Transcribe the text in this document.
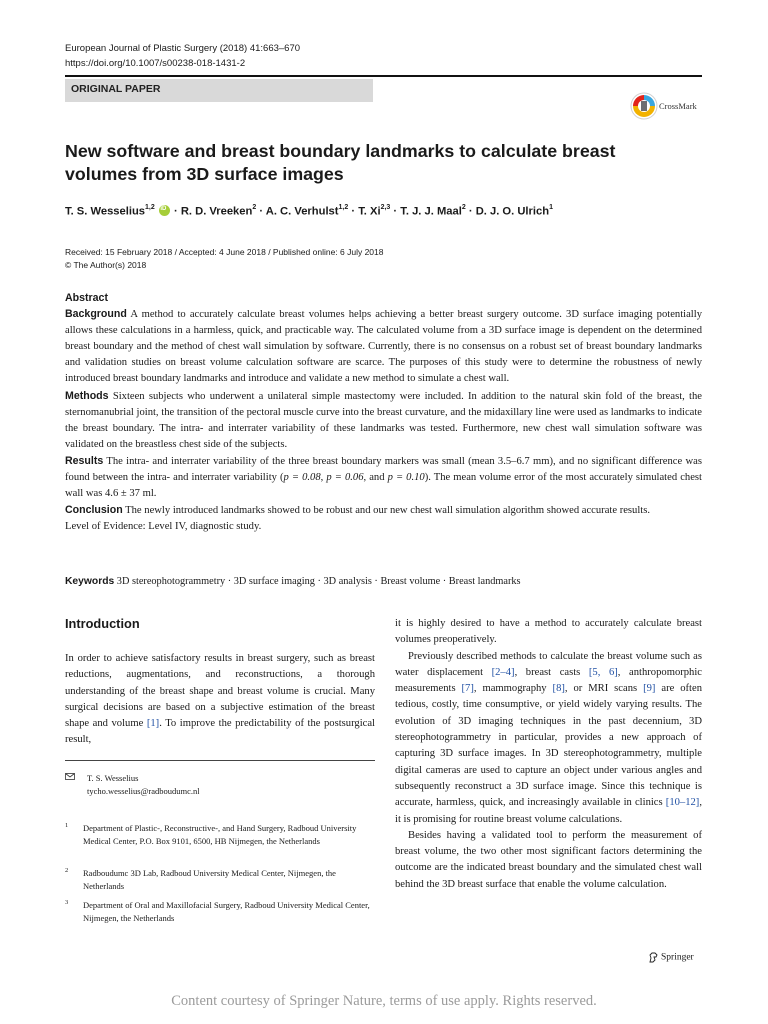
European Journal of Plastic Surgery (2018) 41:663–670
https://doi.org/10.1007/s00238-018-1431-2
ORIGINAL PAPER
CrossMark
New software and breast boundary landmarks to calculate breast volumes from 3D surface images
T. S. Wesselius$^{1,2}$ iD · R. D. Vreeken$^2$ · A. C. Verhulst$^{1,2}$ · T. Xi$^{2,3}$ · T. J. J. Maal$^2$ · D. J. O. Ulrich$^1$
Received: 15 February 2018 / Accepted: 4 June 2018 / Published online: 6 July 2018
© The Author(s) 2018
Abstract

Background A method to accurately calculate breast volumes helps achieving a better breast surgery outcome. 3D surface imaging potentially allows these calculations in a harmless, quick, and practicable way. The calculated volume from a 3D surface image is dependent on the determined breast boundary and the method of chest wall simulation by software. Currently, there is no consensus on a robust set of breast boundary landmarks and validation studies on breast volume calculation software are scarce. The purposes of this study were to determine the robustness of newly introduced breast boundary landmarks and introduce and validate a new method to simulate a chest wall.

Methods Sixteen subjects who underwent a unilateral simple mastectomy were included. In addition to the natural skin fold of the breast, the sternomanubrial joint, the transition of the pectoral muscle curve into the breast curvature, and the midaxillary line were used as landmarks to indicate the breast boundary. The intra- and interrater variability of these landmarks was tested. Furthermore, new chest wall simulation software was validated on the breastless chest side of the subjects.

Results The intra- and interrater variability of the three breast boundary markers was small (mean 3.5–6.7 mm), and no significant difference was found between the intra- and interrater variability (p = 0.08, p = 0.06, and p = 0.10). The mean volume error of the most accurately simulated chest wall was 4.6 ± 37 ml.

Conclusion The newly introduced landmarks showed to be robust and our new chest wall simulation algorithm showed accurate results.

Level of Evidence: Level IV, diagnostic study.

Keywords 3D stereophotogrammetry · 3D surface imaging · 3D analysis · Breast volume · Breast landmarks
Introduction

In order to achieve satisfactory results in breast surgery, such as breast reductions, augmentations, and reconstructions, a thorough understanding of the breast shape and breast volume is crucial. Many surgical decisions are based on a subjective estimation of the breast shape and volume [1]. To improve the predictability of the postsurgical result,

T. S. Wesselius
tycho.wesselius@radboudumc.nl
1 Department of Plastic-, Reconstructive-, and Hand Surgery, Radboud University Medical Center, P.O. Box 9101, 6500, HB Nijmegen, the Netherlands
2 Radboudumc 3D Lab, Radboud University Medical Center, Nijmegen, the Netherlands
3 Department of Oral and Maxillofacial Surgery, Radboud University Medical Center, Nijmegen, the Netherlands

it is highly desired to have a method to accurately calculate breast volumes preoperatively.

Previously described methods to calculate the breast volume such as water displacement [2–4], breast casts [5, 6], anthropomorphic measurements [7], mammography [8], or MRI scans [9] are often tedious, costly, time consumptive, or yield widely varying results. The evolution of 3D imaging techniques in the past decennium, 3D stereophotogrammetry in particular, provides a new approach of capturing 3D surface images. In 3D stereophotogrammetry, multiple digital cameras are used to capture an object under various angles and subsequently reconstruct a 3D surface image. Since this technique is accurate, harmless, quick, and increasingly available in clinics [10–12], it is promising for routine breast volume calculations.

Besides having a validated tool to perform the measurement of breast volume, the two other most significant factors determining the outcome are the indicated breast boundary and the simulated chest wall behind the 3D breast surface that enable the volume calculation.

Springer
Content courtesy of Springer Nature, terms of use apply. Rights reserved.
